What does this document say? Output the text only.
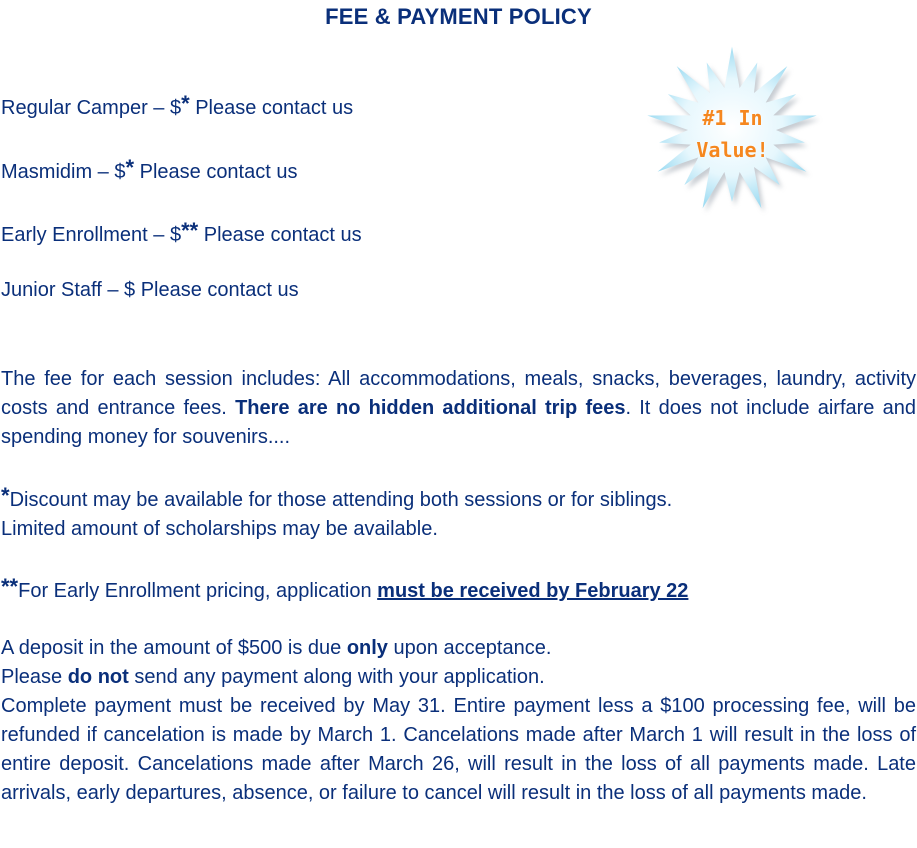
FEE & PAYMENT POLICY
Regular Camper – $* Please contact us
Masmidim – $* Please contact us
Early Enrollment – $** Please contact us
Junior Staff – $ Please contact us
#1 In
Value!
The fee for each session includes: All accommodations, meals, snacks, beverages, laundry, activity costs and entrance fees. There are no hidden additional trip fees. It does not include airfare and spending money for souvenirs....
*Discount may be available for those attending both sessions or for siblings.
Limited amount of scholarships may be available.
**For Early Enrollment pricing, application must be received by February 22
A deposit in the amount of $500 is due only upon acceptance.
Please do not send any payment along with your application.
Complete payment must be received by May 31. Entire payment less a $100 processing fee, will be refunded if cancelation is made by March 1. Cancelations made after March 1 will result in the loss of entire deposit. Cancelations made after March 26, will result in the loss of all payments made. Late arrivals, early departures, absence, or failure to cancel will result in the loss of all payments made.
